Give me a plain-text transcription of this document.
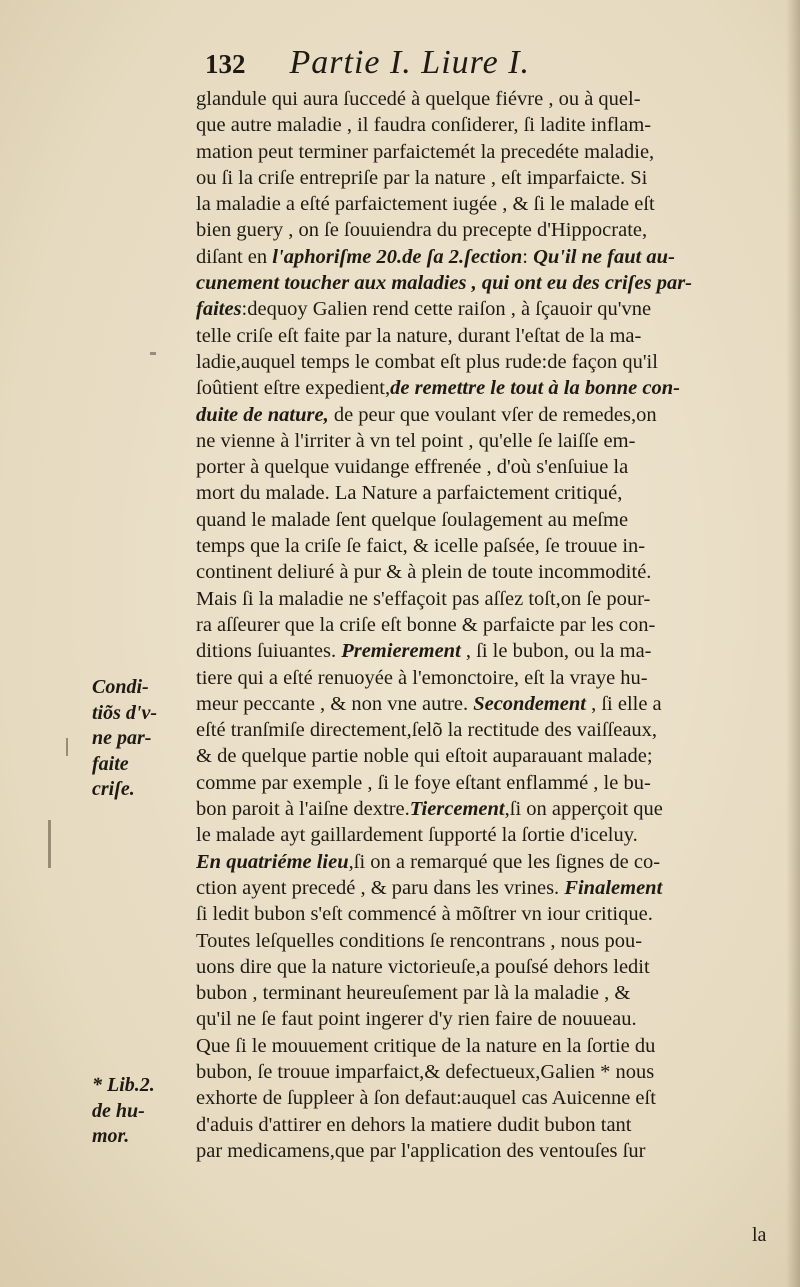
132 Partie I. Liure I.
glandule qui aura ſuccedé à quelque fiévre , ou à quel-
que autre maladie , il faudra conſiderer, ſi ladite inflam-
mation peut terminer parfaictemét la precedéte maladie,
ou ſi la criſe entrepriſe par la nature , eſt imparfaicte. Si
la maladie a eſté parfaictement iugée , & ſi le malade eſt
bien guery , on ſe ſouuiendra du precepte d'Hippocrate,
diſant en l'aphoriſme 20.de ſa 2.ſection: Qu'il ne faut au-
cunement toucher aux maladies , qui ont eu des criſes par-
faites:dequoy Galien rend cette raiſon , à ſçauoir qu'vne
telle criſe eſt faite par la nature, durant l'eſtat de la ma-
ladie,auquel temps le combat eſt plus rude:de façon qu'il
ſoûtient eſtre expedient,de remettre le tout à la bonne con-
duite de nature, de peur que voulant vſer de remedes,on
ne vienne à l'irriter à vn tel point , qu'elle ſe laiſſe em-
porter à quelque vuidange effrenée , d'où s'enſuiue la
mort du malade. La Nature a parfaictement critiqué,
quand le malade ſent quelque ſoulagement au meſme
temps que la criſe ſe faict, & icelle paſsée, ſe trouue in-
continent deliuré à pur & à plein de toute incommodité.
Mais ſi la maladie ne s'effaçoit pas aſſez toſt,on ſe pour-
ra aſſeurer que la criſe eſt bonne & parfaicte par les con-
ditions ſuiuantes. Premierement , ſi le bubon, ou la ma-
tiere qui a eſté renuoyée à l'emonctoire, eſt la vraye hu-
meur peccante , & non vne autre. Secondement , ſi elle a
eſté tranſmiſe directement,ſelõ la rectitude des vaiſſeaux,
& de quelque partie noble qui eſtoit auparauant malade;
comme par exemple , ſi le foye eſtant enflammé , le bu-
bon paroit à l'aiſne dextre.Tiercement,ſi on apperçoit que
le malade ayt gaillardement ſupporté la ſortie d'iceluy.
En quatriéme lieu,ſi on a remarqué que les ſignes de co-
ction ayent precedé , & paru dans les vrines. Finalement
ſi ledit bubon s'eſt commencé à mõſtrer vn iour critique.
Toutes leſquelles conditions ſe rencontrans , nous pou-
uons dire que la nature victorieuſe,a pouſsé dehors ledit
bubon , terminant heureuſement par là la maladie , &
qu'il ne ſe faut point ingerer d'y rien faire de nouueau.
Que ſi le mouuement critique de la nature en la ſortie du
bubon, ſe trouue imparfaict,& defectueux,Galien * nous
exhorte de ſuppleer à ſon defaut:auquel cas Auicenne eſt
d'aduis d'attirer en dehors la matiere dudit bubon tant
par medicamens,que par l'application des ventouſes ſur
Condi-
tiõs d'v-
ne par-
faite
criſe.
* Lib.2.
de hu-
mor.
la
